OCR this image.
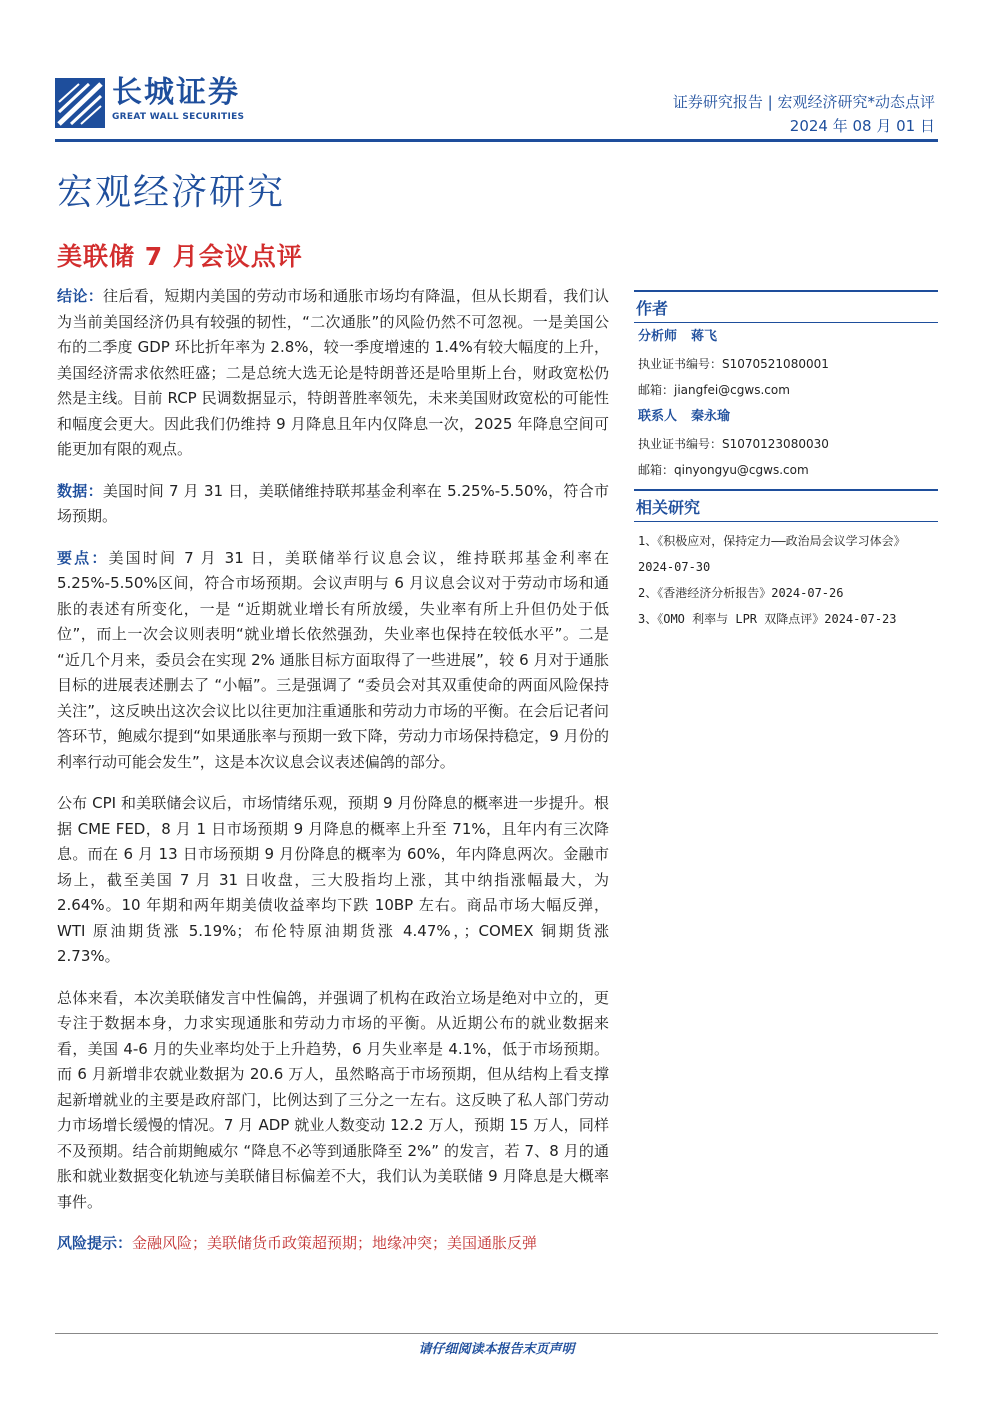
长城证券
GREAT WALL SECURITIES
证券研究报告 | 宏观经济研究*动态点评
2024 年 08 月 01 日
宏观经济研究
美联储 7 月会议点评

结论：往后看，短期内美国的劳动市场和通胀市场均有降温，但从长期看，我们认为当前美国经济仍具有较强的韧性，“二次通胀”的风险仍然不可忽视。一是美国公布的二季度 GDP 环比折年率为 2.8%，较一季度增速的 1.4%有较大幅度的上升，美国经济需求依然旺盛；二是总统大选无论是特朗普还是哈里斯上台，财政宽松仍然是主线。目前 RCP 民调数据显示，特朗普胜率领先，未来美国财政宽松的可能性和幅度会更大。因此我们仍维持 9 月降息且年内仅降息一次，2025 年降息空间可能更加有限的观点。

数据：美国时间 7 月 31 日，美联储维持联邦基金利率在 5.25%-5.50%，符合市场预期。

要点：美国时间 7 月 31 日，美联储举行议息会议，维持联邦基金利率在 5.25%-5.50%区间，符合市场预期。会议声明与 6 月议息会议对于劳动市场和通胀的表述有所变化，一是 “近期就业增长有所放缓，失业率有所上升但仍处于低位”，而上一次会议则表明“就业增长依然强劲，失业率也保持在较低水平”。二是 “近几个月来，委员会在实现 2% 通胀目标方面取得了一些进展”，较 6 月对于通胀目标的进展表述删去了 “小幅”。三是强调了 “委员会对其双重使命的两面风险保持关注”，这反映出这次会议比以往更加注重通胀和劳动力市场的平衡。在会后记者问答环节，鲍威尔提到“如果通胀率与预期一致下降，劳动力市场保持稳定，9 月份的利率行动可能会发生”，这是本次议息会议表述偏鸽的部分。

公布 CPI 和美联储会议后，市场情绪乐观，预期 9 月份降息的概率进一步提升。根据 CME FED，8 月 1 日市场预期 9 月降息的概率上升至 71%，且年内有三次降息。而在 6 月 13 日市场预期 9 月份降息的概率为 60%，年内降息两次。金融市场上，截至美国 7 月 31 日收盘，三大股指均上涨，其中纳指涨幅最大，为 2.64%。10 年期和两年期美债收益率均下跌 10BP 左右。商品市场大幅反弹，WTI 原油期货涨 5.19%；布伦特原油期货涨 4.47%，；COMEX 铜期货涨 2.73%。

总体来看，本次美联储发言中性偏鸽，并强调了机构在政治立场是绝对中立的，更专注于数据本身，力求实现通胀和劳动力市场的平衡。从近期公布的就业数据来看，美国 4-6 月的失业率均处于上升趋势，6 月失业率是 4.1%，低于市场预期。而 6 月新增非农就业数据为 20.6 万人，虽然略高于市场预期，但从结构上看支撑起新增就业的主要是政府部门，比例达到了三分之一左右。这反映了私人部门劳动力市场增长缓慢的情况。7 月 ADP 就业人数变动 12.2 万人，预期 15 万人，同样不及预期。结合前期鲍威尔 “降息不必等到通胀降至 2%” 的发言，若 7、8 月的通胀和就业数据变化轨迹与美联储目标偏差不大，我们认为美联储 9 月降息是大概率事件。

风险提示：金融风险；美联储货币政策超预期；地缘冲突；美国通胀反弹

作者
分析师 蒋飞
执业证书编号：S1070521080001
邮箱：jiangfei@cgws.com
联系人 秦永瑜
执业证书编号：S1070123080030
邮箱：qinyongyu@cgws.com
相关研究
1、《积极应对，保持定力——政治局会议学习体会》2024-07-30
2、《香港经济分析报告》2024-07-26
3、《OMO 利率与 LPR 双降点评》2024-07-23
请仔细阅读本报告末页声明
